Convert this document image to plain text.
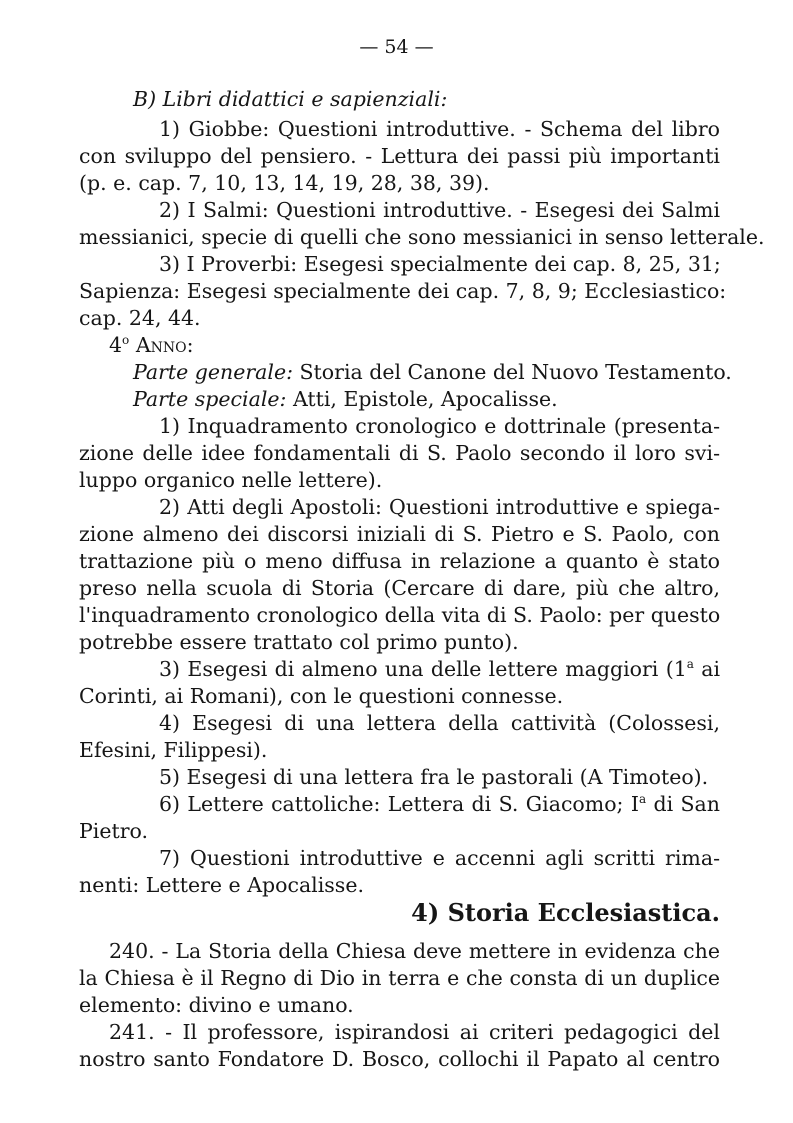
— 54 —
B) Libri didattici e sapienziali:
1) Giobbe: Questioni introduttive. - Schema del libro
con sviluppo del pensiero. - Lettura dei passi più importanti
(p. e. cap. 7, 10, 13, 14, 19, 28, 38, 39).
2) I Salmi: Questioni introduttive. - Esegesi dei Salmi
messianici, specie di quelli che sono messianici in senso letterale.
3) I Proverbi: Esegesi specialmente dei cap. 8, 25, 31;
Sapienza: Esegesi specialmente dei cap. 7, 8, 9; Ecclesiastico:
cap. 24, 44.
4$^o$ Anno:
Parte generale: Storia del Canone del Nuovo Testamento.
Parte speciale: Atti, Epistole, Apocalisse.
1) Inquadramento cronologico e dottrinale (presenta-
zione delle idee fondamentali di S. Paolo secondo il loro svi-
luppo organico nelle lettere).
2) Atti degli Apostoli: Questioni introduttive e spiega-
zione almeno dei discorsi iniziali di S. Pietro e S. Paolo, con
trattazione più o meno diffusa in relazione a quanto è stato
preso nella scuola di Storia (Cercare di dare, più che altro,
l'inquadramento cronologico della vita di S. Paolo: per questo
potrebbe essere trattato col primo punto).
3) Esegesi di almeno una delle lettere maggiori (1$^a$ ai
Corinti, ai Romani), con le questioni connesse.
4) Esegesi di una lettera della cattività (Colossesi,
Efesini, Filippesi).
5) Esegesi di una lettera fra le pastorali (A Timoteo).
6) Lettere cattoliche: Lettera di S. Giacomo; $I^a$ di San
Pietro.
7) Questioni introduttive e accenni agli scritti rima-
nenti: Lettere e Apocalisse.
4) Storia Ecclesiastica.
240. - La Storia della Chiesa deve mettere in evidenza che
la Chiesa è il Regno di Dio in terra e che consta di un duplice
elemento: divino e umano.
241. - Il professore, ispirandosi ai criteri pedagogici del
nostro santo Fondatore D. Bosco, collochi il Papato al centro
